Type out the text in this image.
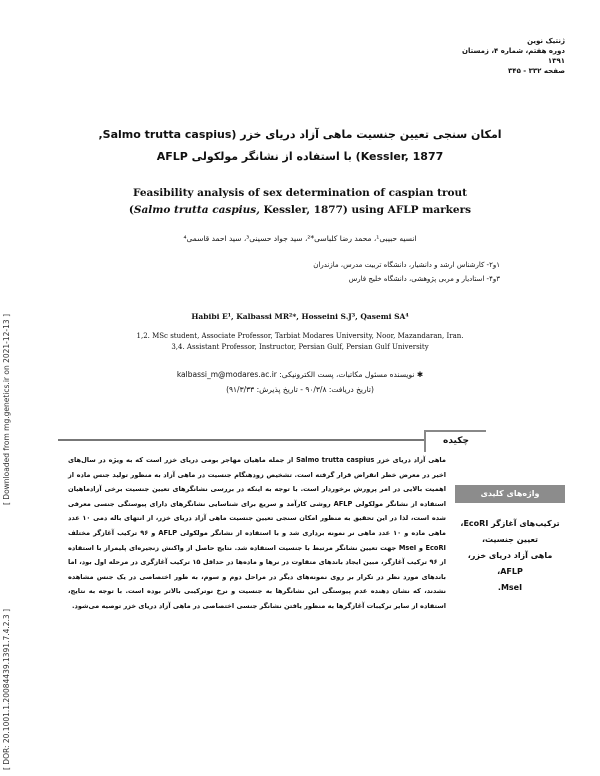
[ Downloaded from mg.genetics.ir on 2021-12-13 ]
[ DOR: 20.1001.1.20084439.1391.7.4.2.3 ]
ژنتیک نوین
دوره هفتم، شماره ۴، زمستان ۱۳۹۱
صفحه ۳۳۲ - ۳۴۵
امکان سنجی تعیین جنسیت ماهی آزاد دریای خزر (Salmo trutta caspius,
Kessler, 1877) با استفاده از نشانگر مولکولی AFLP
Feasibility analysis of sex determination of caspian trout
(Salmo trutta caspius, Kessler, 1877) using AFLP markers
انسیه حبیبی¹، محمد رضا کلباسی*²، سید جواد حسینی³، سید احمد قاسمی⁴
۱و۲- کارشناس ارشد و دانشیار، دانشگاه تربیت مدرس، مازندران
۳و۴- استادیار و مربی پژوهشی، دانشگاه خلیج فارس
Habibi E¹, Kalbassi MR²*, Hosseini S.J³, Qasemi SA⁴
1,2. MSc student, Associate Professor, Tarbiat Modares University, Noor, Mazandaran, Iran.
3,4. Assistant Professor, Instructor, Persian Gulf, Persian Gulf University
✱ نویسنده مسئول مکاتبات، پست الکترونیکی: kalbassi_m@modares.ac.ir
(تاریخ دریافت: ۹۰/۳/۸ - تاریخ پذیرش: ۹۱/۳/۳۳)
چکیده
ماهی آزاد دریای خزر Salmo trutta caspius از جمله ماهیان مهاجر بومی دریای خزر است که به ویژه در سال‌های اخیر در معرض خطر انقراض قرار گرفته است. تشخیص زودهنگام جنسیت در ماهی آزاد به منظور تولید جنس ماده از اهمیت بالایی در امر پرورش برخوردار است. با توجه به اینکه در بررسی نشانگرهای تعیین جنسیت برخی آزادماهیان استفاده از نشانگر مولکولی AFLP روشی کارآمد و سریع برای شناسایی نشانگرهای دارای پیوستگی جنسی معرفی شده است، لذا در این تحقیق به منظور امکان سنجی تعیین جنسیت ماهی آزاد دریای خزر، از انتهای باله دمی ۱۰ عدد ماهی ماده و ۱۰ عدد ماهی نر نمونه برداری شد و با استفاده از نشانگر مولکولی AFLP و ۹۶ ترکیب آغازگر مختلف EcoRI و MseI جهت تعیین نشانگر مرتبط با جنسیت استفاده شد. نتایج حاصل از واکنش زنجیره‌ای پلیمراز با استفاده از ۹۶ ترکیب آغازگر، مبین ایجاد باندهای متفاوت در نرها و ماده‌ها در حداقل ۱۵ ترکیب آغازگری در مرحله اول بود، اما باندهای مورد نظر در تکرار بر روی نمونه‌های دیگر در مراحل دوم و سوم، به طور اختصاصی در یک جنس مشاهده نشدند، که نشان دهنده عدم پیوستگی این نشانگرها به جنسیت و نرخ نوترکیبی بالاتر بوده است. با توجه به نتایج، استفاده از سایر ترکیبات آغازگرها به منظور یافتن نشانگر جنسی اختصاصی در ماهی آزاد دریای خزر توصیه می‌شود.
واژه‌های کلیدی
ترکیب‌های آغازگر EcoRI،
تعیین جنسیت،
ماهی آزاد دریای خزر،
AFLP،
MseI.
